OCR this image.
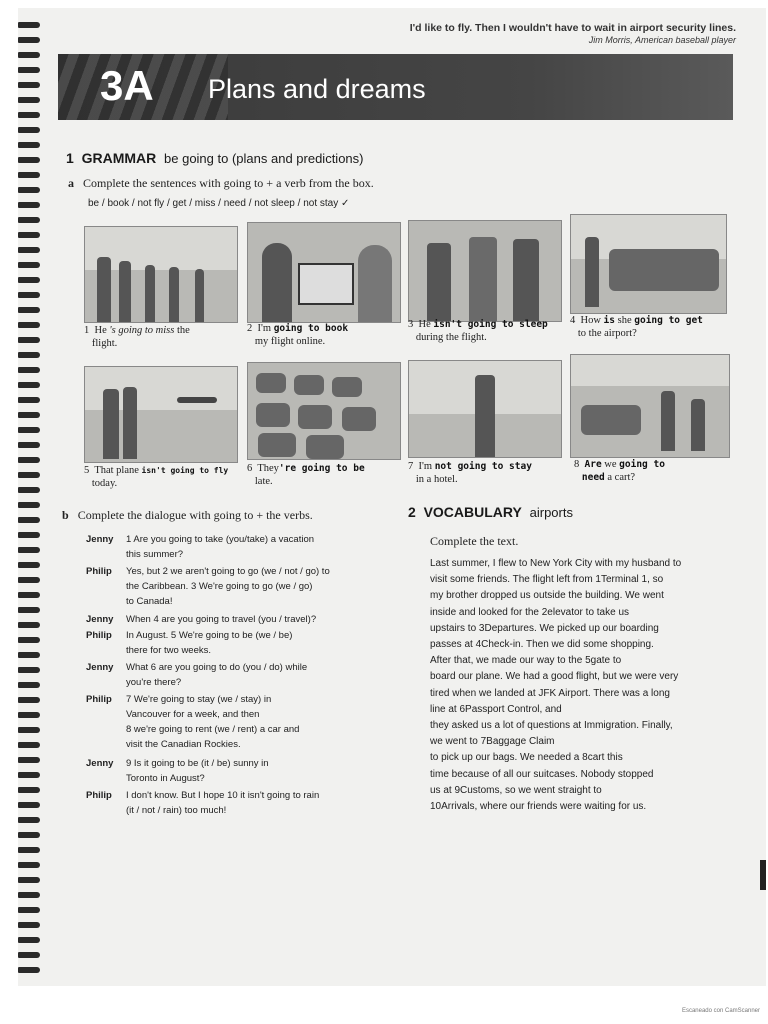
I'd like to fly. Then I wouldn't have to wait in airport security lines.
Jim Morris, American baseball player
3A Plans and dreams
1 GRAMMAR be going to (plans and predictions)
a Complete the sentences with going to + a verb from the box.
be / book / not fly / get / miss / need / not sleep / not stay ✓
1 He 's going to miss the
flight.
2 I'm going to book
my flight online.
3 He isn't going to sleep
during the flight.
4 How is she going to get
to the airport?
5 That plane isn't going to fly
today.
6 They're going to be
late.
7 I'm not going to stay
in a hotel.
8 Are we going to
need a cart?
b Complete the dialogue with going to + the verbs.
Jenny	1 Are you going to take (you/take) a vacation
this summer?
Philip	Yes, but 2 we aren't going to go (we / not / go) to
the Caribbean. 3 We're going to go (we / go)
to Canada!
Jenny	When 4 are you going to travel (you / travel)?
Philip	In August. 5 We're going to be (we / be)
there for two weeks.
Jenny	What 6 are you going to do (you / do) while
you're there?
Philip	7 We're going to stay (we / stay) in
Vancouver for a week, and then
8 we're going to rent (we / rent) a car and
visit the Canadian Rockies.
Jenny	9 Is it going to be (it / be) sunny in
Toronto in August?
Philip	I don't know. But I hope 10 it isn't going to rain
(it / not / rain) too much!
2 VOCABULARY airports
Complete the text.

Last summer, I flew to New York City with my husband to

visit some friends. The flight left from 1Terminal 1, so

my brother dropped us outside the building. We went

inside and looked for the 2elevator to take us

upstairs to 3Departures. We picked up our boarding

passes at 4Check-in. Then we did some shopping.

After that, we made our way to the 5gate to

board our plane. We had a good flight, but we were very

tired when we landed at JFK Airport. There was a long

line at 6Passport Control, and

they asked us a lot of questions at Immigration. Finally,

we went to 7Baggage Claim

to pick up our bags. We needed a 8cart this

time because of all our suitcases. Nobody stopped

us at 9Customs, so we went straight to

10Arrivals, where our friends were waiting for us.

Escaneado con CamScanner
